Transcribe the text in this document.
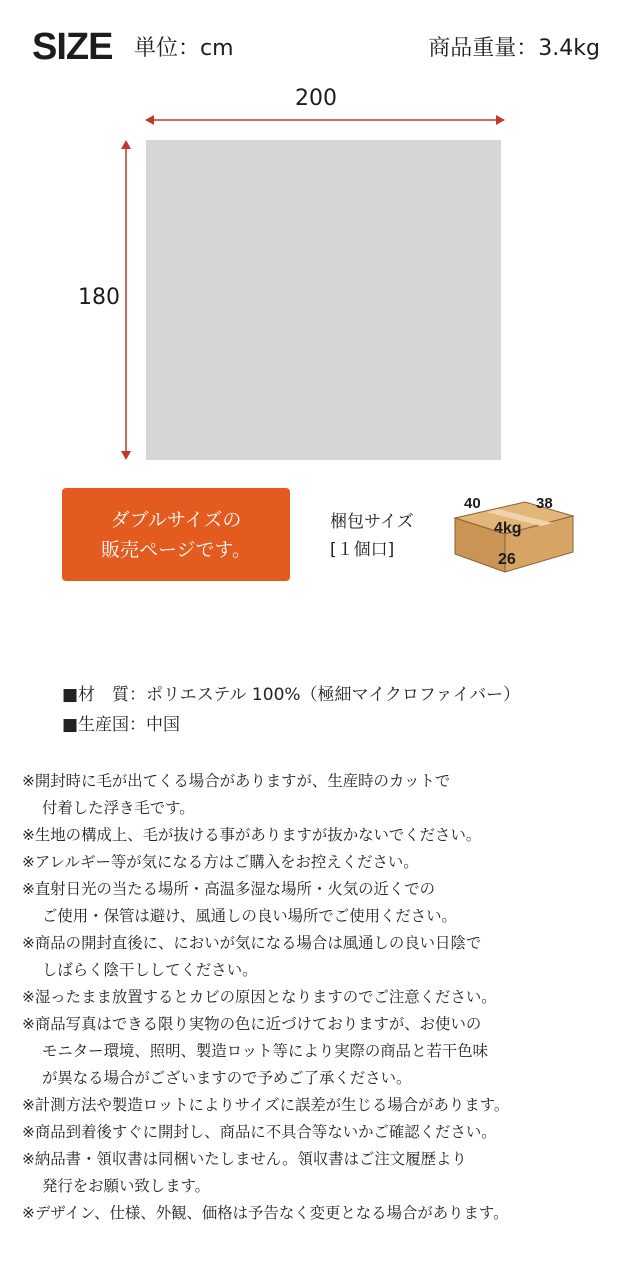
SIZE 単位：cm	商品重量：3.4kg
200
180
ダブルサイズの
販売ページです。
梱包サイズ
[１個口]
40	38
4kg
26
■材　質：ポリエステル 100%（極細マイクロファイバー）
■生産国：中国
※開封時に毛が出てくる場合がありますが、生産時のカットで
付着した浮き毛です。
※生地の構成上、毛が抜ける事がありますが抜かないでください。
※アレルギー等が気になる方はご購入をお控えください。
※直射日光の当たる場所・高温多湿な場所・火気の近くでの
ご使用・保管は避け、風通しの良い場所でご使用ください。
※商品の開封直後に、においが気になる場合は風通しの良い日陰で
しばらく陰干ししてください。
※湿ったまま放置するとカビの原因となりますのでご注意ください。
※商品写真はできる限り実物の色に近づけておりますが、お使いの
モニター環境、照明、製造ロット等により実際の商品と若干色味
が異なる場合がございますので予めご了承ください。
※計測方法や製造ロットによりサイズに誤差が生じる場合があります。
※商品到着後すぐに開封し、商品に不具合等ないかご確認ください。
※納品書・領収書は同梱いたしません。領収書はご注文履歴より
発行をお願い致します。
※デザイン、仕様、外観、価格は予告なく変更となる場合があります。
